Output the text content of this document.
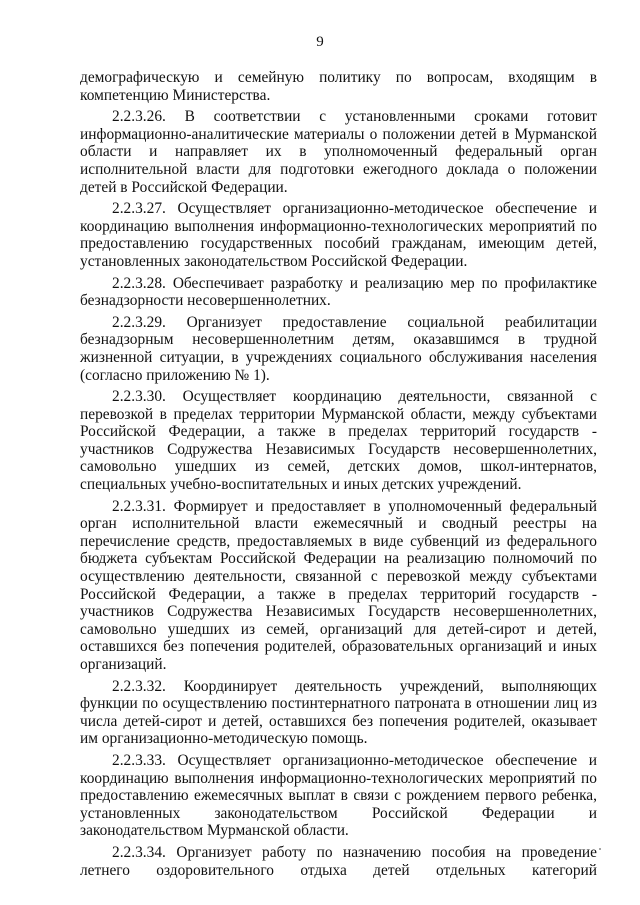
9

демографическую и семейную политику по вопросам, входящим в компетенцию Министерства.

2.2.3.26. В соответствии с установленными сроками готовит информационно-аналитические материалы о положении детей в Мурманской области и направляет их в уполномоченный федеральный орган исполнительной власти для подготовки ежегодного доклада о положении детей в Российской Федерации.

2.2.3.27. Осуществляет организационно-методическое обеспечение и координацию выполнения информационно-технологических мероприятий по предоставлению государственных пособий гражданам, имеющим детей, установленных законодательством Российской Федерации.

2.2.3.28. Обеспечивает разработку и реализацию мер по профилактике безнадзорности несовершеннолетних.

2.2.3.29. Организует предоставление социальной реабилитации безнадзорным несовершеннолетним детям, оказавшимся в трудной жизненной ситуации, в учреждениях социального обслуживания населения (согласно приложению № 1).

2.2.3.30. Осуществляет координацию деятельности, связанной с перевозкой в пределах территории Мурманской области, между субъектами Российской Федерации, а также в пределах территорий государств - участников Содружества Независимых Государств несовершеннолетних, самовольно ушедших из семей, детских домов, школ-интернатов, специальных учебно-воспитательных и иных детских учреждений.

2.2.3.31. Формирует и предоставляет в уполномоченный федеральный орган исполнительной власти ежемесячный и сводный реестры на перечисление средств, предоставляемых в виде субвенций из федерального бюджета субъектам Российской Федерации на реализацию полномочий по осуществлению деятельности, связанной с перевозкой между субъектами Российской Федерации, а также в пределах территорий государств - участников Содружества Независимых Государств несовершеннолетних, самовольно ушедших из семей, организаций для детей-сирот и детей, оставшихся без попечения родителей, образовательных организаций и иных организаций.

2.2.3.32. Координирует деятельность учреждений, выполняющих функции по осуществлению постинтернатного патроната в отношении лиц из числа детей-сирот и детей, оставшихся без попечения родителей, оказывает им организационно-методическую помощь.

2.2.3.33. Осуществляет организационно-методическое обеспечение и координацию выполнения информационно-технологических мероприятий по предоставлению ежемесячных выплат в связи с рождением первого ребенка, установленных законодательством Российской Федерации и законодательством Мурманской области.

2.2.3.34. Организует работу по назначению пособия на проведение летнего оздоровительного отдыха детей отдельных категорий
